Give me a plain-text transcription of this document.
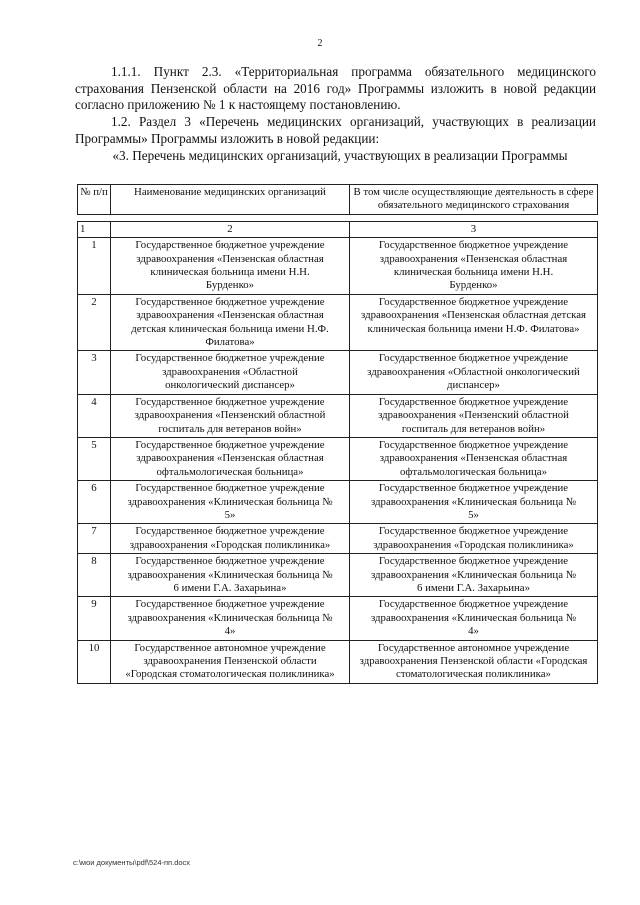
2

1.1.1. Пункт 2.3. «Территориальная программа обязательного медицинского страхования Пензенской области на 2016 год» Программы изложить в новой редакции согласно приложению № 1 к настоящему постановлению.

1.2. Раздел 3 «Перечень медицинских организаций, участвующих в реализации Программы» Программы изложить в новой редакции:

«3. Перечень медицинских организаций, участвующих в реализации Программы

№ п/п	Наименование медицинских организаций	В том числе осуществляющие деятельность в сфере обязательного медицинского страхования

1	2	3
1	Государственное бюджетное учреждение здравоохранения «Пензенская областная клиническая больница имени Н.Н. Бурденко»	Государственное бюджетное учреждение здравоохранения «Пензенская областная клиническая больница имени Н.Н. Бурденко»
2	Государственное бюджетное учреждение здравоохранения «Пензенская областная детская клиническая больница имени Н.Ф. Филатова»	Государственное бюджетное учреждение здравоохранения «Пензенская областная детская клиническая больница имени Н.Ф. Филатова»
3	Государственное бюджетное учреждение здравоохранения «Областной онкологический диспансер»	Государственное бюджетное учреждение здравоохранения «Областной онкологический диспансер»
4	Государственное бюджетное учреждение здравоохранения «Пензенский областной госпиталь для ветеранов войн»	Государственное бюджетное учреждение здравоохранения «Пензенский областной госпиталь для ветеранов войн»
5	Государственное бюджетное учреждение здравоохранения «Пензенская областная офтальмологическая больница»	Государственное бюджетное учреждение здравоохранения «Пензенская областная офтальмологическая больница»
6	Государственное бюджетное учреждение здравоохранения «Клиническая больница № 5»	Государственное бюджетное учреждение здравоохранения «Клиническая больница № 5»
7	Государственное бюджетное учреждение здравоохранения «Городская поликлиника»	Государственное бюджетное учреждение здравоохранения «Городская поликлиника»
8	Государственное бюджетное учреждение здравоохранения «Клиническая больница № 6 имени Г.А. Захарьина»	Государственное бюджетное учреждение здравоохранения «Клиническая больница № 6 имени Г.А. Захарьина»
9	Государственное бюджетное учреждение здравоохранения «Клиническая больница № 4»	Государственное бюджетное учреждение здравоохранения «Клиническая больница № 4»
10	Государственное автономное учреждение здравоохранения Пензенской области «Городская стоматологическая поликлиника»	Государственное автономное учреждение здравоохранения Пензенской области «Городская стоматологическая поликлиника»
c:\мои документы\pdf\524-пп.docx
